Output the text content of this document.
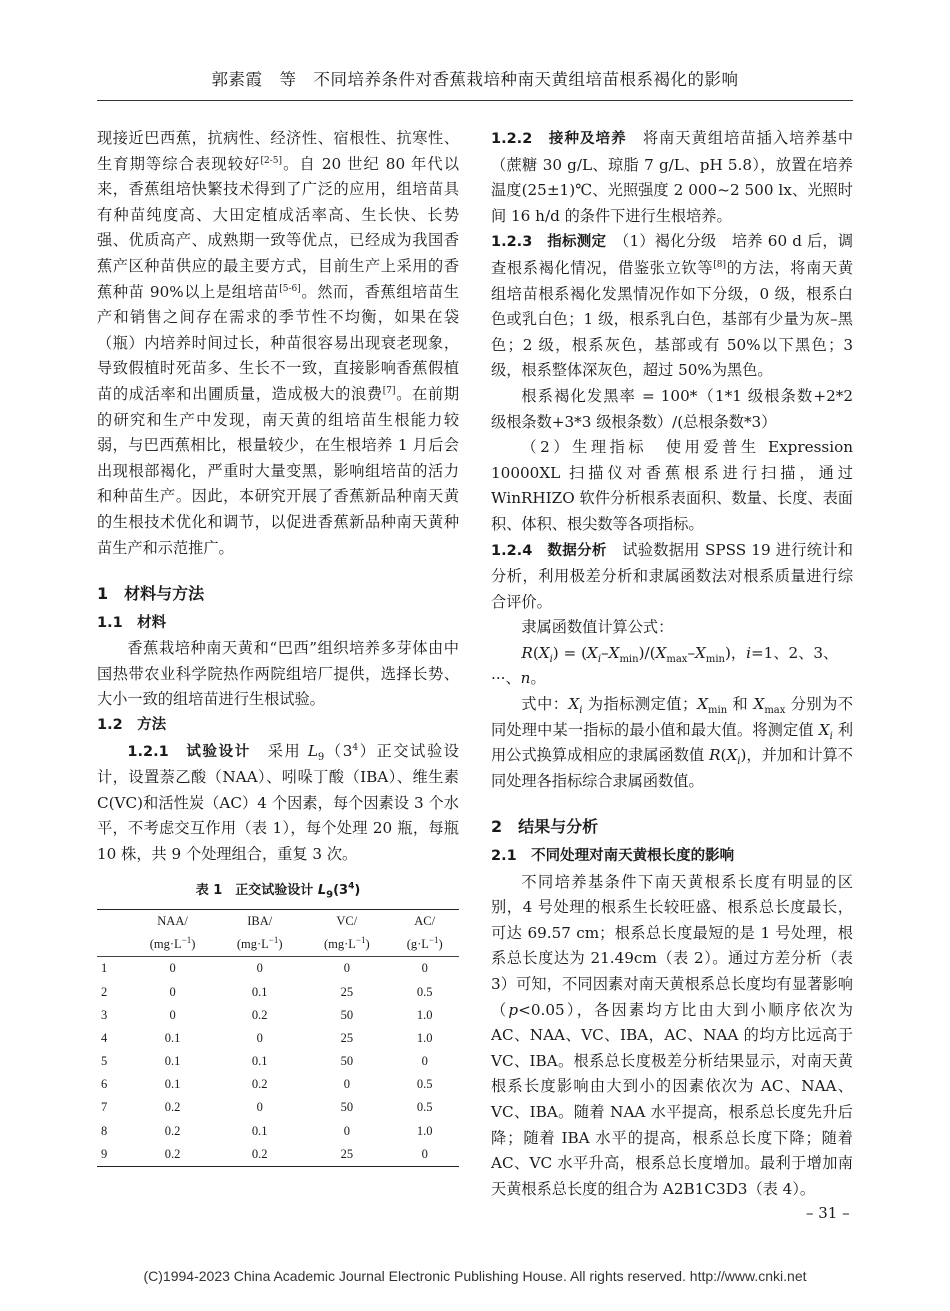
郭素霞　等　不同培养条件对香蕉栽培种南天黄组培苗根系褐化的影响

现接近巴西蕉，抗病性、经济性、宿根性、抗寒性、生育期等综合表现较好[2-5]。自 20 世纪 80 年代以来，香蕉组培快繁技术得到了广泛的应用，组培苗具有种苗纯度高、大田定植成活率高、生长快、长势强、优质高产、成熟期一致等优点，已经成为我国香蕉产区种苗供应的最主要方式，目前生产上采用的香蕉种苗 90%以上是组培苗[5-6]。然而，香蕉组培苗生产和销售之间存在需求的季节性不均衡，如果在袋（瓶）内培养时间过长，种苗很容易出现衰老现象，导致假植时死苗多、生长不一致，直接影响香蕉假植苗的成活率和出圃质量，造成极大的浪费[7]。在前期的研究和生产中发现，南天黄的组培苗生根能力较弱，与巴西蕉相比，根量较少，在生根培养 1 月后会出现根部褐化，严重时大量变黑，影响组培苗的活力和种苗生产。因此，本研究开展了香蕉新品种南天黄的生根技术优化和调节，以促进香蕉新品种南天黄种苗生产和示范推广。

1　材料与方法
1.1　材料

香蕉栽培种南天黄和“巴西”组织培养多芽体由中国热带农业科学院热作两院组培厂提供，选择长势、大小一致的组培苗进行生根试验。

1.2　方法

1.2.1　试验设计　 采用 $L_9(3^4)$正交试验设计，设置萘乙酸（NAA）、吲哚丁酸（IBA）、维生素C(VC)和活性炭（AC）4 个因素，每个因素设 3 个水平，不考虑交互作用（表 1），每个处理 20 瓶，每瓶 10 株，共 9 个处理组合，重复 3 次。

表 1　正交试验设计 $L_9(3^4)$
	NAA/	IBA/	VC/	AC/
	$(mg\cdot L^{-1})$	$(mg\cdot L^{-1})$	$(mg\cdot L^{-1})$	$(g\cdot L^{-1})$
1	0	0	0	0
2	0	0.1	25	0.5
3	0	0.2	50	1.0
4	0.1	0	25	1.0
5	0.1	0.1	50	0
6	0.1	0.2	0	0.5
7	0.2	0	50	0.5
8	0.2	0.1	0	1.0
9	0.2	0.2	25	0

1.2.2　接种及培养　 将南天黄组培苗插入培养基中（蔗糖 30 g/L、琼脂 7 g/L、pH 5.8），放置在培养温度(25±1)℃、光照强度 2 000~2 500 lx、光照时间 16 h/d 的条件下进行生根培养。

1.2.3　指标测定　 （1）褐化分级　培养 60 d 后，调查根系褐化情况，借鉴张立钦等[8]的方法，将南天黄组培苗根系褐化发黑情况作如下分级，0 级，根系白色或乳白色；1 级，根系乳白色，基部有少量为灰–黑色；2 级，根系灰色，基部或有 50%以下黑色；3 级，根系整体深灰色，超过 50%为黑色。

根系褐化发黑率 = 100*（1*1 级根条数+2*2 级根条数+3*3 级根条数）/(总根条数*3）

（2）生理指标　使用爱普生 Expression 10000XL 扫描仪对香蕉根系进行扫描，通过 WinRHIZO 软件分析根系表面积、数量、长度、表面积、体积、根尖数等各项指标。

1.2.4　数据分析　 试验数据用 SPSS 19 进行统计和分析，利用极差分析和隶属函数法对根系质量进行综合评价。

隶属函数值计算公式：

$R(X_i) = (X_i-X_{min})/(X_{max}-X_{min})$，i=1、2、3、···、n。

式中：$X_i$ 为指标测定值；$X_{min}$ 和 $X_{max}$ 分别为不同处理中某一指标的最小值和最大值。将测定值 $X_i$ 利用公式换算成相应的隶属函数值 $R(X_i)$，并加和计算不同处理各指标综合隶属函数值。

2　结果与分析
2.1　不同处理对南天黄根长度的影响

不同培养基条件下南天黄根系长度有明显的区别，4 号处理的根系生长较旺盛、根系总长度最长，可达 69.57 cm；根系总长度最短的是 1 号处理，根系总长度达为 21.49cm（表 2）。通过方差分析（表 3）可知，不同因素对南天黄根系总长度均有显著影响（p<0.05），各因素均方比由大到小顺序依次为 AC、NAA、VC、IBA，AC、NAA 的均方比远高于 VC、IBA。根系总长度极差分析结果显示，对南天黄根系长度影响由大到小的因素依次为 AC、NAA、VC、IBA。随着 NAA 水平提高，根系总长度先升后降；随着 IBA 水平的提高，根系总长度下降；随着 AC、VC 水平升高，根系总长度增加。最利于增加南天黄根系总长度的组合为 A2B1C3D3（表 4）。

– 31 –
(C)1994-2023 China Academic Journal Electronic Publishing House. All rights reserved. http://www.cnki.net
